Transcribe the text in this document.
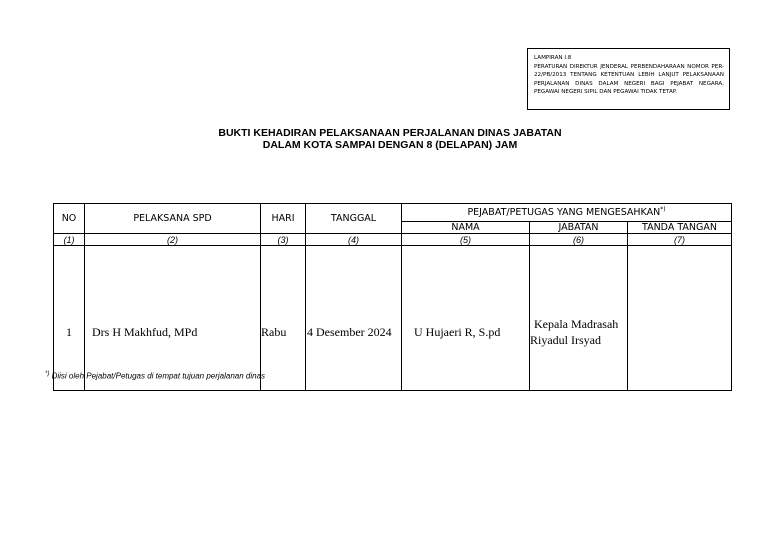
LAMPIRAN I.8
PERATURAN DIREKTUR JENDERAL PERBENDAHARAAN NOMOR PER-22/PB/2013 TENTANG KETENTUAN LEBIH LANJUT PELAKSANAAN PERJALANAN DINAS DALAM NEGERI BAGI PEJABAT NEGARA, PEGAWAI NEGERI SIPIL DAN PEGAWAI TIDAK TETAP.
BUKTI KEHADIRAN PELAKSANAAN PERJALANAN DINAS JABATAN
DALAM KOTA SAMPAI DENGAN 8 (DELAPAN) JAM
NO	PELAKSANA SPD	HARI	TANGGAL	PEJABAT/PETUGAS YANG MENGESAHKAN*)
				NAMA	JABATAN	TANDA TANGAN
(1)	(2)	(3)	(4)	(5)	(6)	(7)
1	Drs H Makhfud, MPd	Rabu	4 Desember 2024	U Hujaeri R, S.pd	Kepala Madrasah
Riyadul Irsyad	

*) Diisi oleh Pejabat/Petugas di tempat tujuan perjalanan dinas
